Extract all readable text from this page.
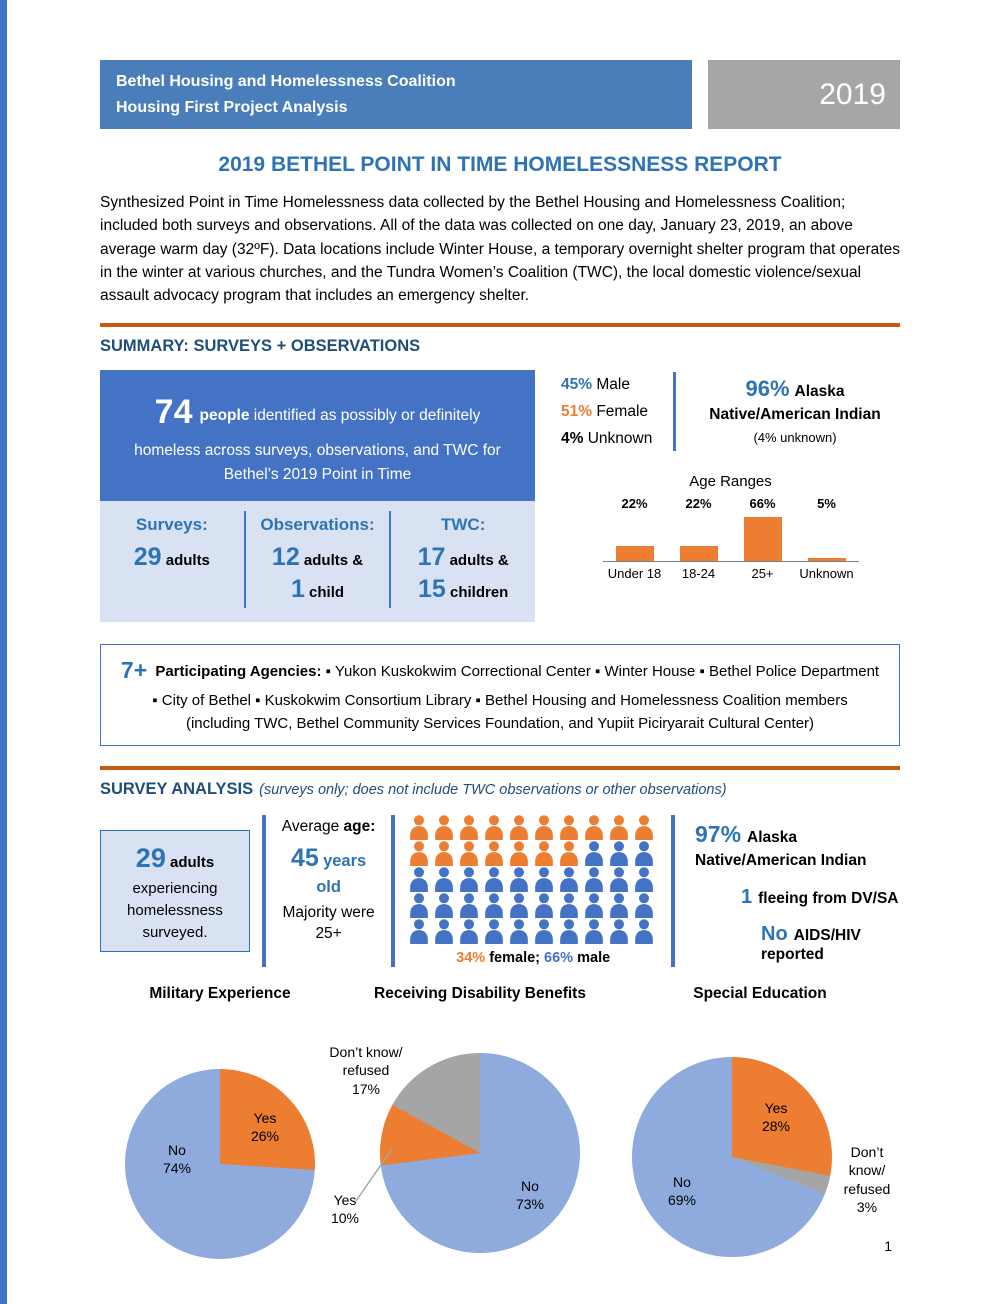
Bethel Housing and Homelessness Coalition
Housing First Project Analysis	2019
2019 BETHEL POINT IN TIME HOMELESSNESS REPORT

Synthesized Point in Time Homelessness data collected by the Bethel Housing and Homelessness Coalition; included both surveys and observations. All of the data was collected on one day, January 23, 2019, an above average warm day (32ºF). Data locations include Winter House, a temporary overnight shelter program that operates in the winter at various churches, and the Tundra Women’s Coalition (TWC), the local domestic violence/sexual assault advocacy program that includes an emergency shelter.

SUMMARY: SURVEYS + OBSERVATIONS
74 people identified as possibly or definitely homeless across surveys, observations, and TWC for Bethel’s 2019 Point in Time
Surveys:
29 adults
Observations:
12 adults &
1 child
TWC:
17 adults &
15 children
45% Male
51% Female
4% Unknown
96% Alaska Native/American Indian
(4% unknown)
Age Ranges
22%
Under 18
22%
18-24
66%
25+
5%
Unknown
7+ Participating Agencies: ▪ Yukon Kuskokwim Correctional Center ▪ Winter House ▪ Bethel Police Department ▪ City of Bethel ▪ Kuskokwim Consortium Library ▪ Bethel Housing and Homelessness Coalition members (including TWC, Bethel Community Services Foundation, and Yupiit Piciryarait Cultural Center)
SURVEY ANALYSIS (surveys only; does not include TWC observations or other observations)
29 adults
experiencing homelessness surveyed.
Average age:
45 years old
Majority were 25+
34% female; 66% male
97% Alaska Native/American Indian
1 fleeing from DV/SA
No AIDS/HIV reported
Military Experience
Yes
26%
No
74%
Receiving Disability Benefits
Don’t know/ refused
17%
Yes
10%
No
73%
Special Education
Yes
28%
No
69%
Don’t know/ refused
3%
1
